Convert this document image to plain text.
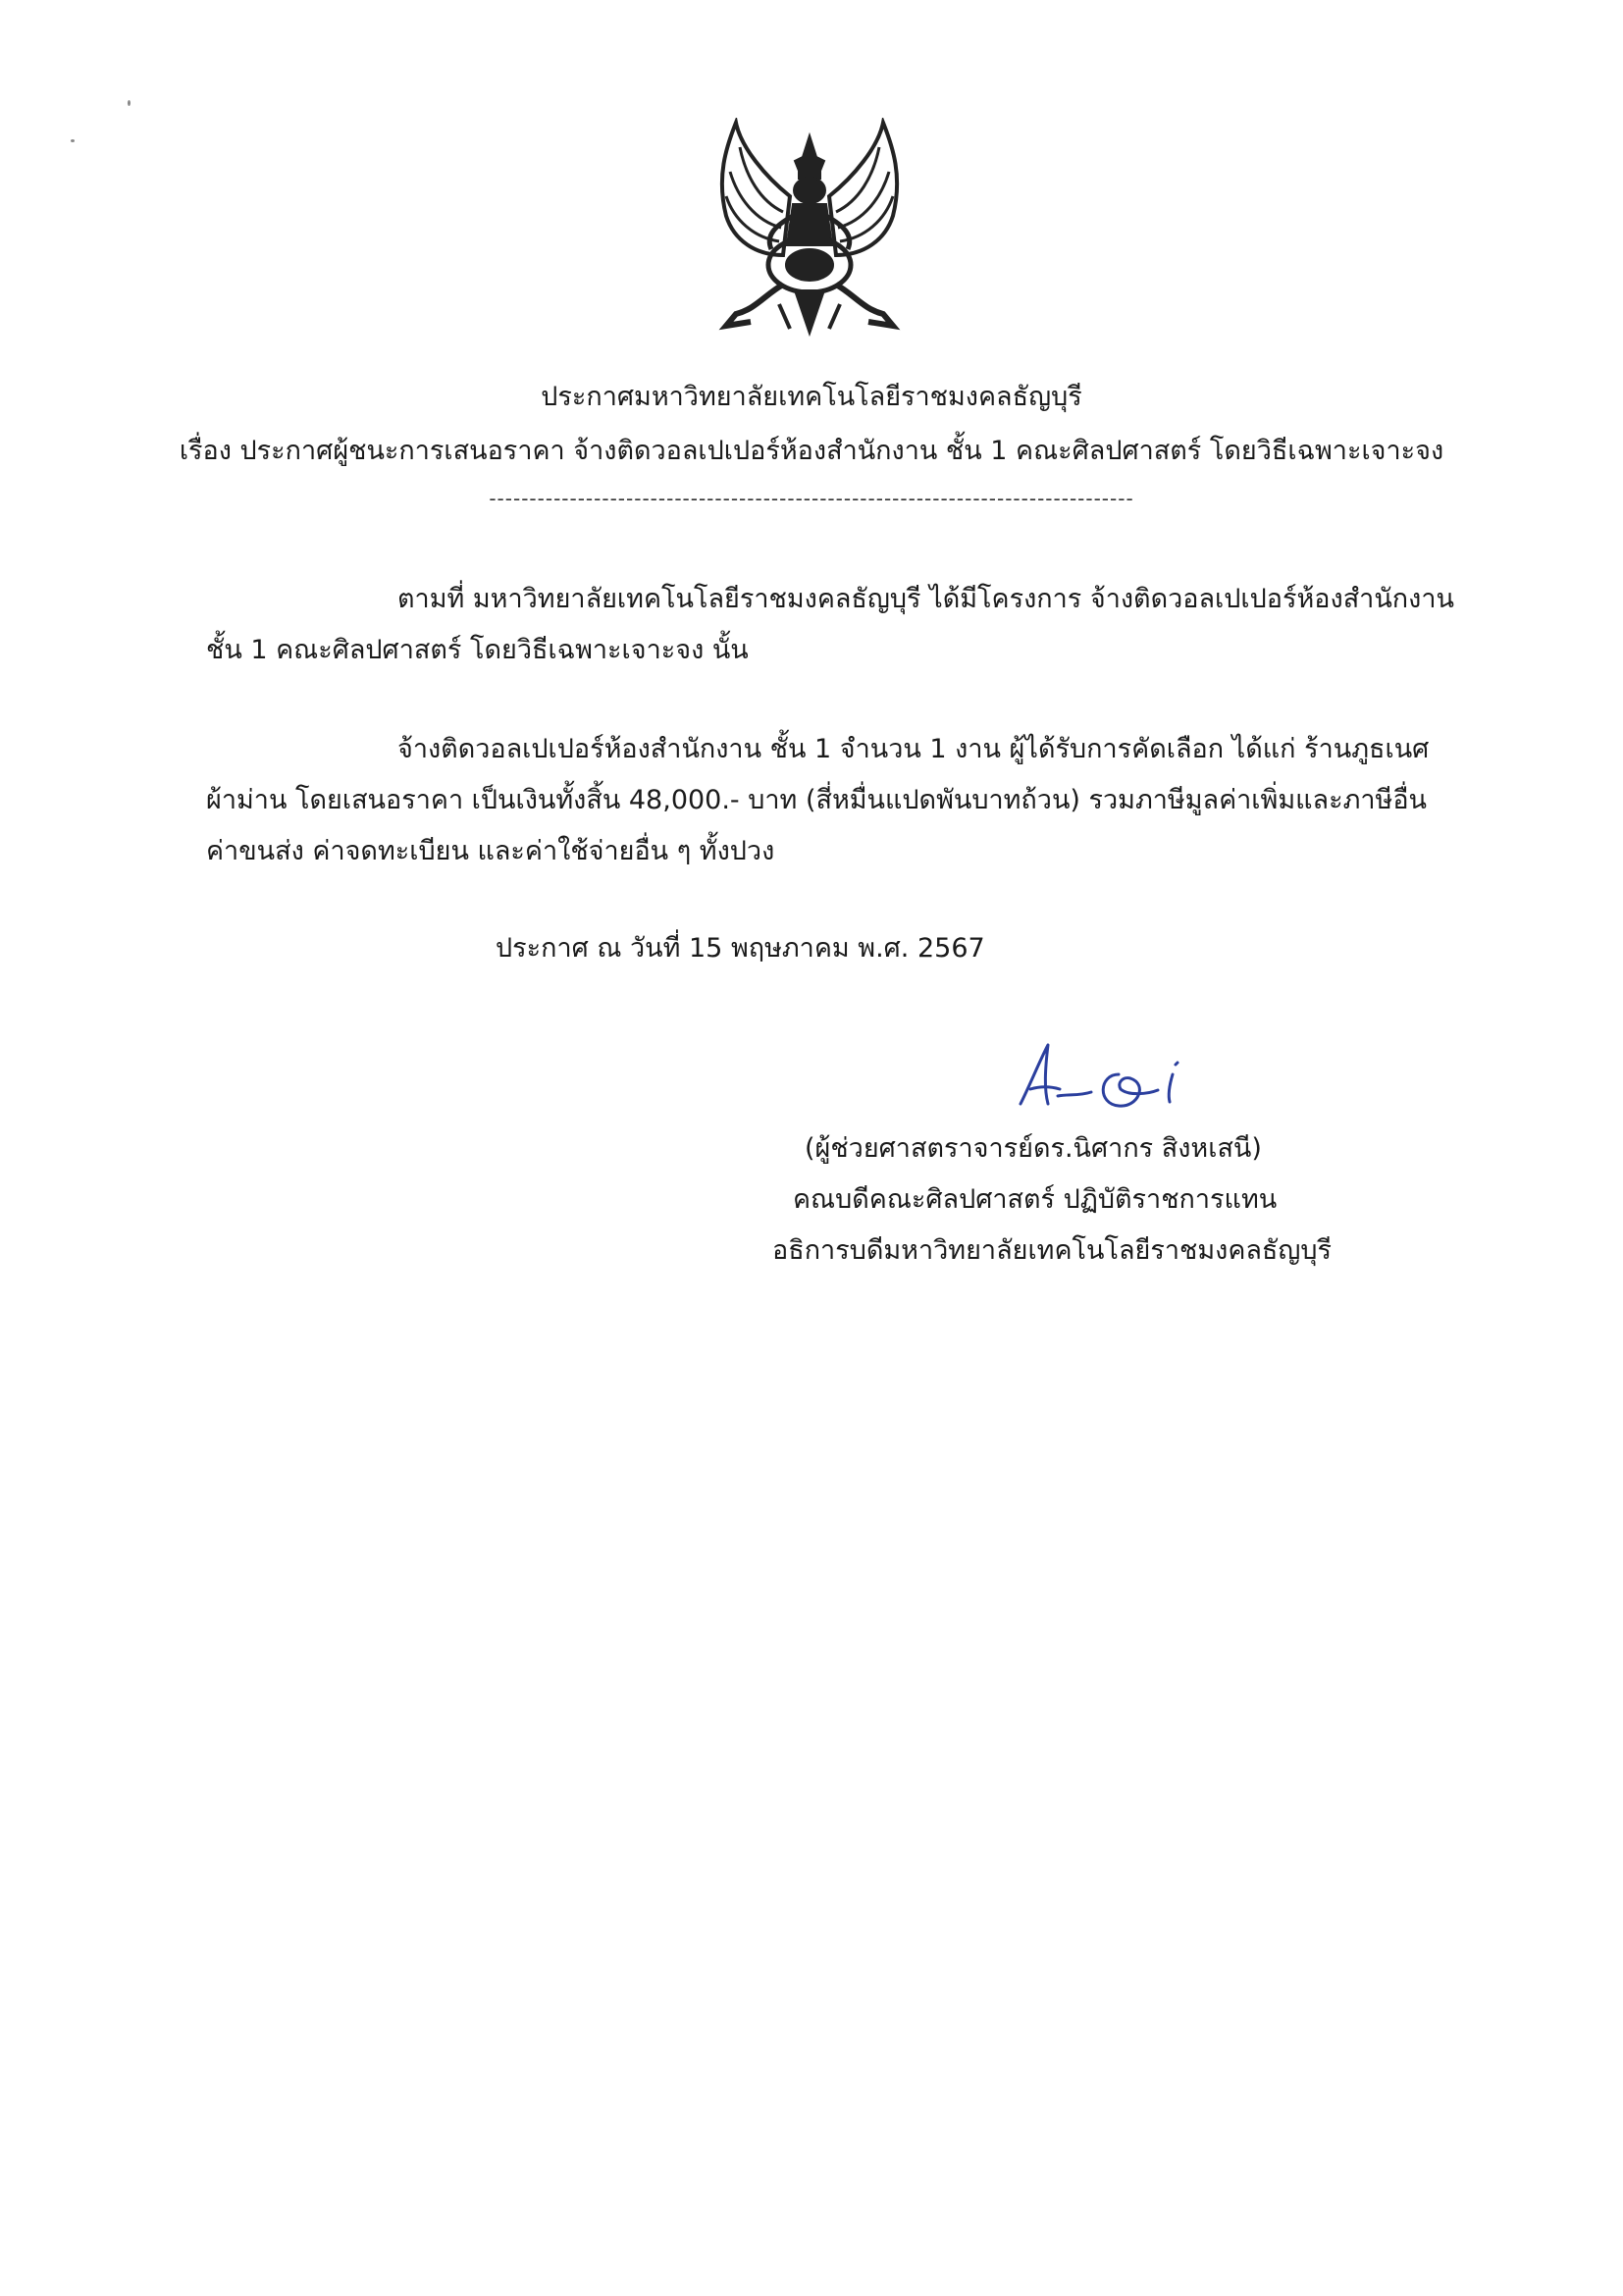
ประกาศมหาวิทยาลัยเทคโนโลยีราชมงคลธัญบุรี
เรื่อง ประกาศผู้ชนะการเสนอราคา จ้างติดวอลเปเปอร์ห้องสำนักงาน ชั้น 1 คณะศิลปศาสตร์ โดยวิธีเฉพาะเจาะจง
--------------------------------------------------------------------------------
ตามที่ มหาวิทยาลัยเทคโนโลยีราชมงคลธัญบุรี ได้มีโครงการ จ้างติดวอลเปเปอร์ห้องสำนักงาน
ชั้น 1 คณะศิลปศาสตร์ โดยวิธีเฉพาะเจาะจง นั้น
จ้างติดวอลเปเปอร์ห้องสำนักงาน ชั้น 1 จำนวน 1 งาน ผู้ได้รับการคัดเลือก ได้แก่ ร้านภูธเนศ
ผ้าม่าน โดยเสนอราคา เป็นเงินทั้งสิ้น 48,000.- บาท (สี่หมื่นแปดพันบาทถ้วน) รวมภาษีมูลค่าเพิ่มและภาษีอื่น
ค่าขนส่ง ค่าจดทะเบียน และค่าใช้จ่ายอื่น ๆ ทั้งปวง
ประกาศ ณ วันที่ 15 พฤษภาคม พ.ศ. 2567
(ผู้ช่วยศาสตราจารย์ดร.นิศากร สิงหเสนี)
คณบดีคณะศิลปศาสตร์ ปฏิบัติราชการแทน
อธิการบดีมหาวิทยาลัยเทคโนโลยีราชมงคลธัญบุรี
